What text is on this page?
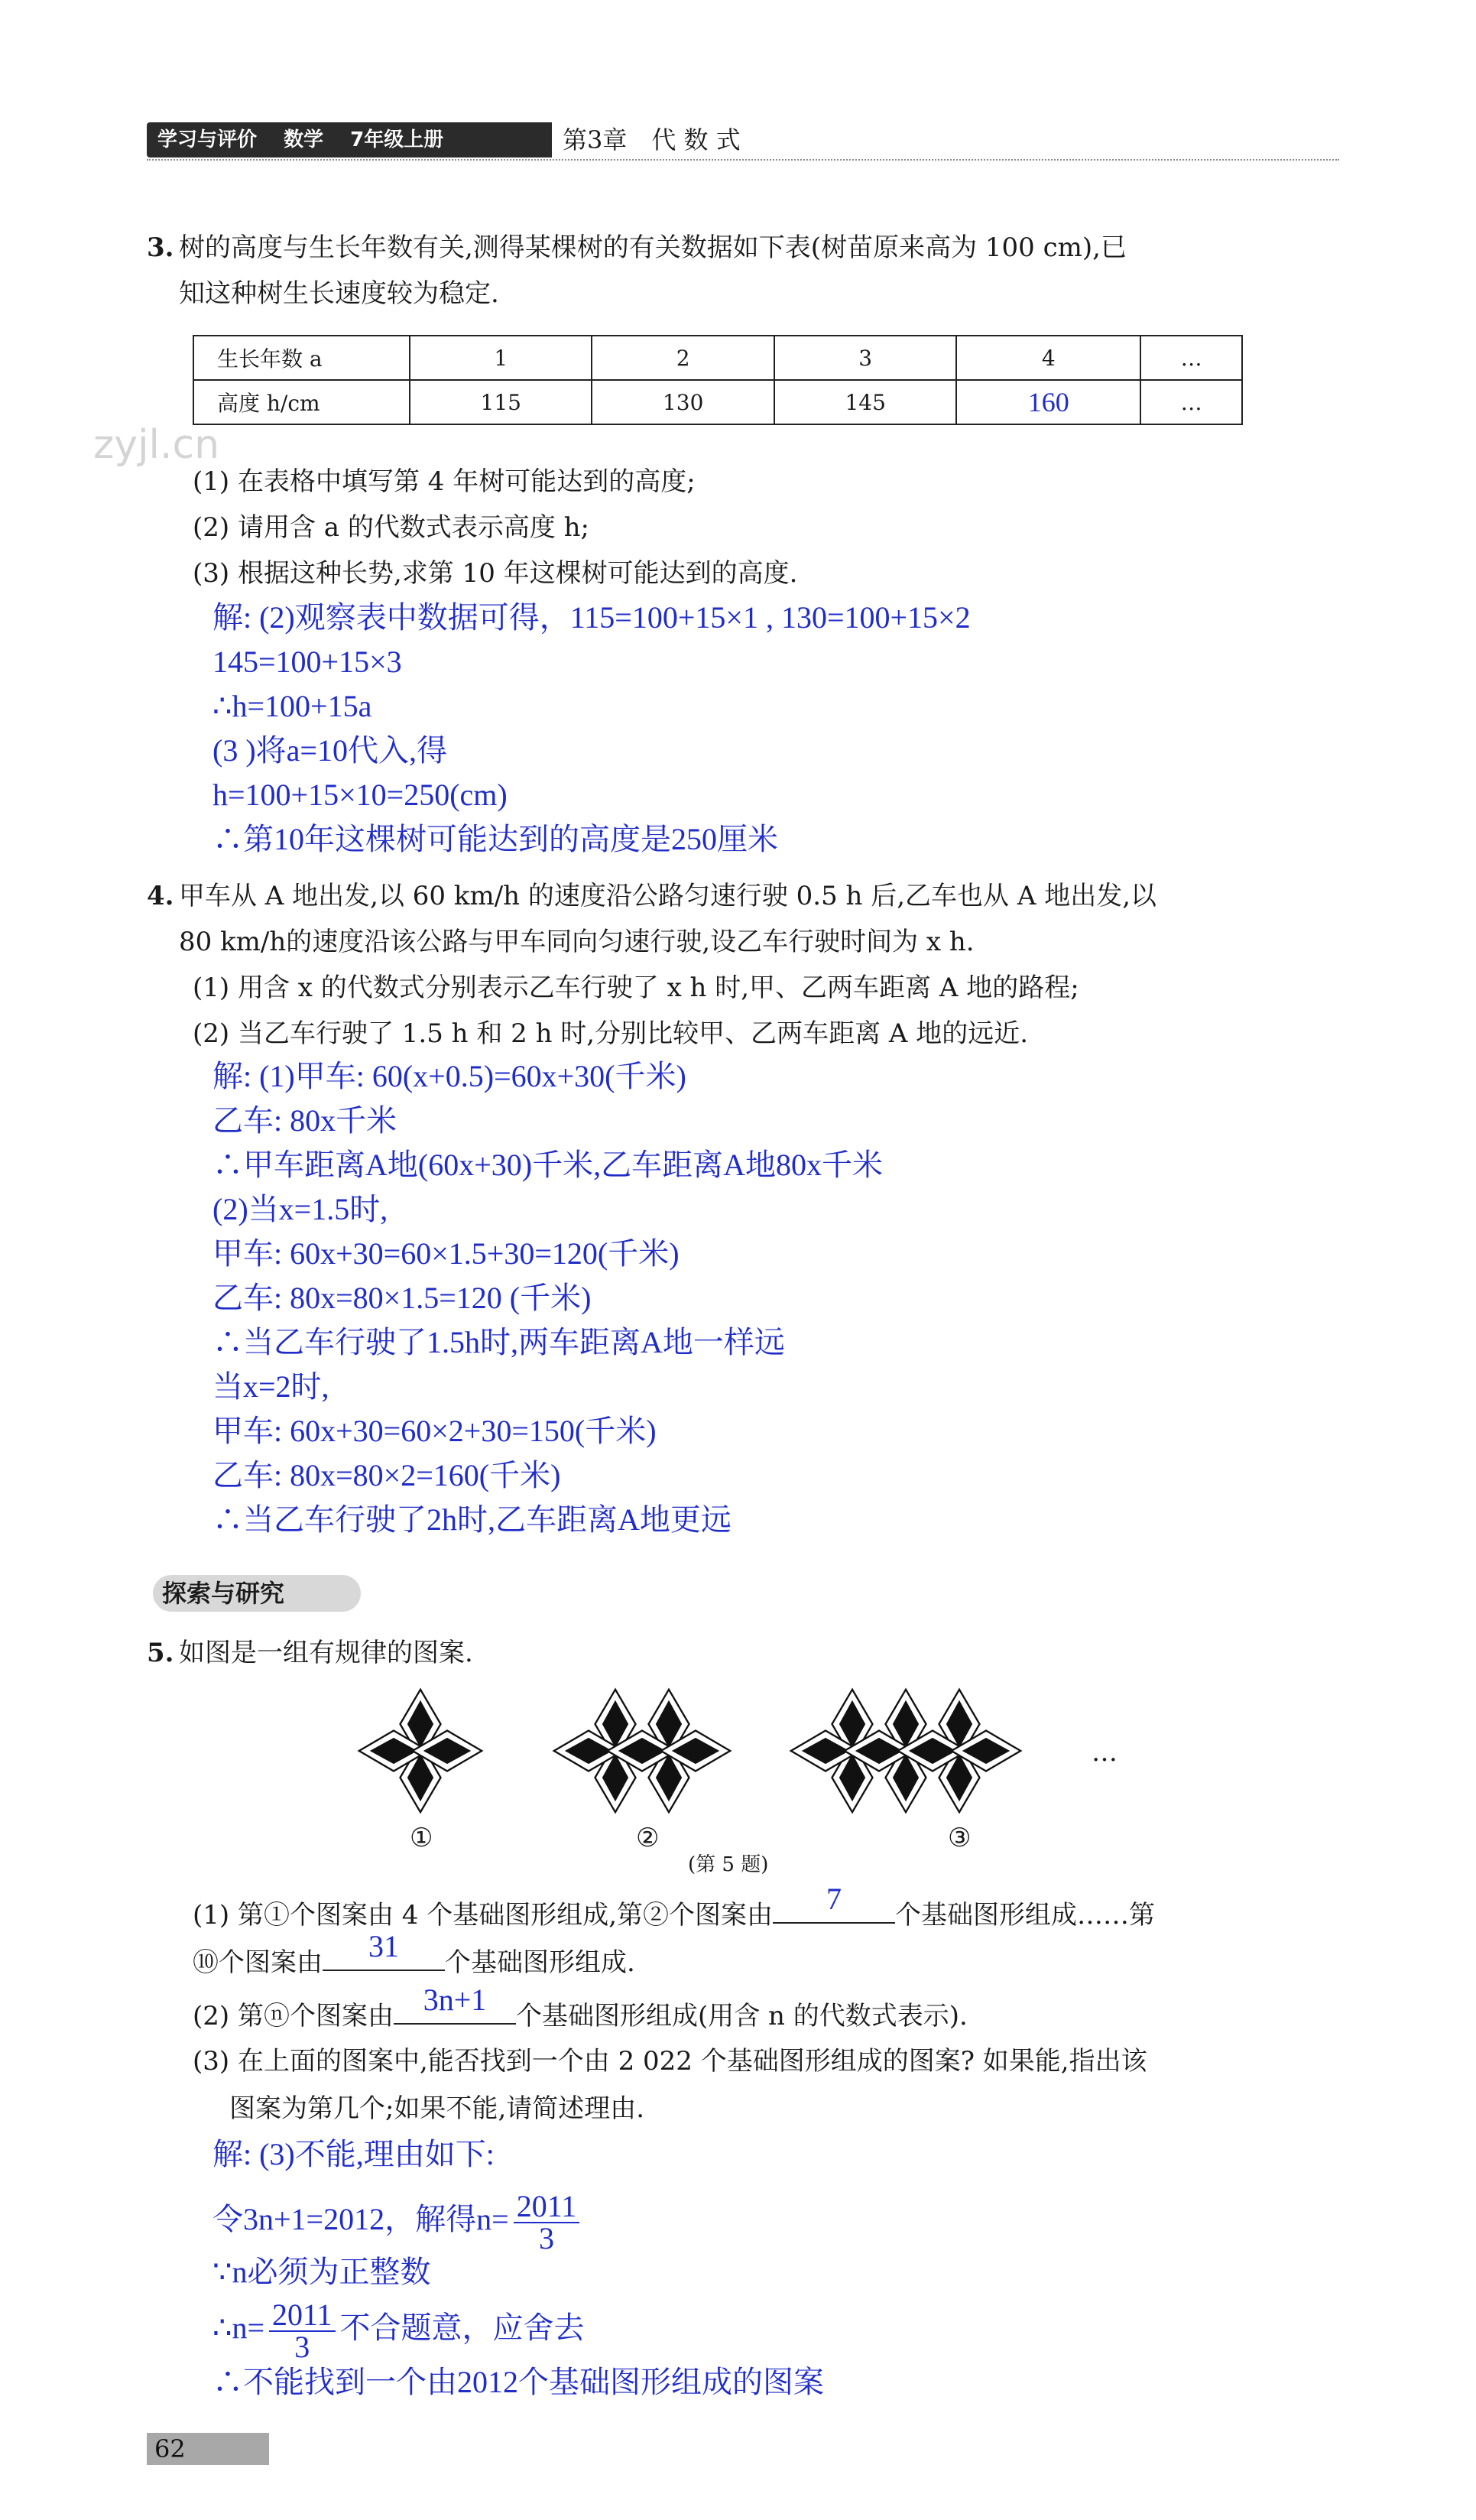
学习与评价 数学 7年级上册	第3章　代 数 式
zyjl.cn
3. 树的高度与生长年数有关,测得某棵树的有关数据如下表(树苗原来高为 100 cm),已
知这种树生长速度较为稳定.
生长年数 a	1	2	3	4	…
高度 h/cm	115	130	145	160	…
(1) 在表格中填写第 4 年树可能达到的高度;
(2) 请用含 a 的代数式表示高度 h;
(3) 根据这种长势,求第 10 年这棵树可能达到的高度.
解: (2)观察表中数据可得，115=100+15×1 , 130=100+15×2
145=100+15×3
∴h=100+15a
(3 )将a=10代入,得
h=100+15×10=250(cm)
∴第10年这棵树可能达到的高度是250厘米
4. 甲车从 A 地出发,以 60 km/h 的速度沿公路匀速行驶 0.5 h 后,乙车也从 A 地出发,以
80 km/h的速度沿该公路与甲车同向匀速行驶,设乙车行驶时间为 x h.
(1) 用含 x 的代数式分别表示乙车行驶了 x h 时,甲、乙两车距离 A 地的路程;
(2) 当乙车行驶了 1.5 h 和 2 h 时,分别比较甲、乙两车距离 A 地的远近.
解: (1)甲车: 60(x+0.5)=60x+30(千米)
乙车: 80x千米
∴甲车距离A地(60x+30)千米,乙车距离A地80x千米
(2)当x=1.5时,
甲车: 60x+30=60×1.5+30=120(千米)
乙车: 80x=80×1.5=120 (千米)
∴当乙车行驶了1.5h时,两车距离A地一样远
当x=2时,
甲车: 60x+30=60×2+30=150(千米)
乙车: 80x=80×2=160(千米)
∴当乙车行驶了2h时,乙车距离A地更远
探索与研究
5. 如图是一组有规律的图案.
…
①	②	③
(第 5 题)
(1) 第①个图案由 4 个基础图形组成,第②个图案由	7	个基础图形组成……第
⑩个图案由	31	个基础图形组成.
(2) 第ⓝ个图案由 3n+1	个基础图形组成(用含 n 的代数式表示).
(3) 在上面的图案中,能否找到一个由 2 022 个基础图形组成的图案? 如果能,指出该
图案为第几个;如果不能,请简述理由.
解: (3)不能,理由如下:
令3n+1=2012，解得$n= \frac{2011}{3}$
∵n必须为正整数
∴n= $\frac{2011}{3}$ 不合题意，应舍去
∴不能找到一个由2012个基础图形组成的图案
62
